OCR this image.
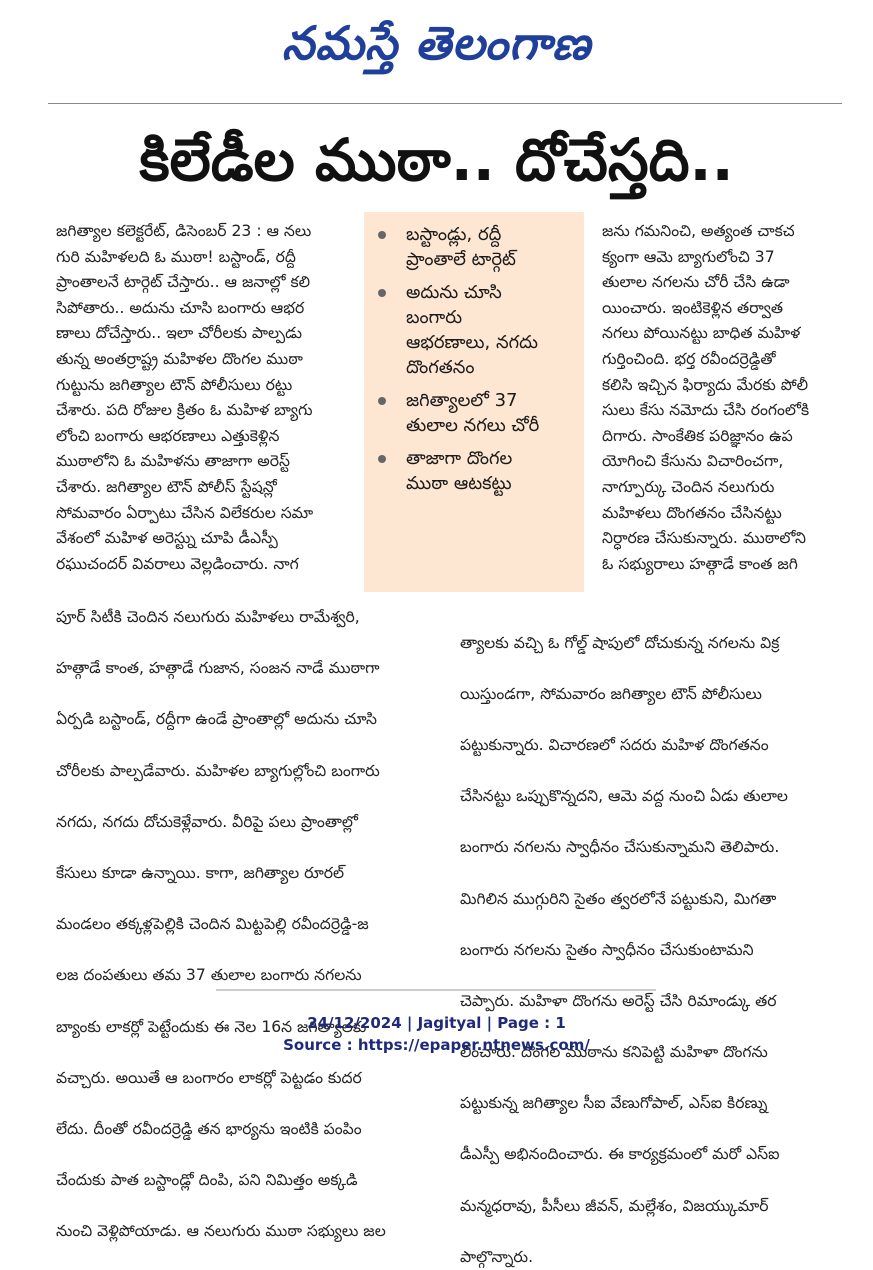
నమస్తే తెలంగాణ
కిలేడీల ముఠా.. దోచేస్తది..
జగిత్యాల కలెక్టరేట్, డిసెంబర్ 23 : ఆ నలు
గురి మహిళలది ఓ ముఠా! బస్టాండ్, రద్దీ
ప్రాంతాలనే టార్గెట్ చేస్తారు.. ఆ జనాల్లో కలి
సిపోతారు.. అదును చూసి బంగారు ఆభర
ణాలు దోచేస్తారు.. ఇలా చోరీలకు పాల్పడు
తున్న అంతర్రాష్ట్ర మహిళల దొంగల ముఠా
గుట్టును జగిత్యాల టౌన్ పోలీసులు రట్టు
చేశారు. పది రోజుల క్రితం ఓ మహిళ బ్యాగు
లోంచి బంగారు ఆభరణాలు ఎత్తుకెళ్లిన
ముఠాలోని ఓ మహిళను తాజాగా అరెస్ట్
చేశారు. జగిత్యాల టౌన్ పోలీస్ స్టేషన్లో
సోమవారం ఏర్పాటు చేసిన విలేకరుల సమా
వేశంలో మహిళ అరెస్ట్ను చూపి డీఎస్పీ
రఘుచందర్ వివరాలు వెల్లడించారు. నాగ
బస్టాండ్లు, రద్దీ
ప్రాంతాలే టార్గెట్
అదును చూసి
బంగారు
ఆభరణాలు, నగదు
దొంగతనం
జగిత్యాలలో 37
తులాల నగలు చోరీ
తాజాగా దొంగల
ముఠా ఆటకట్టు
జను గమనించి, అత్యంత చాకచ
క్యంగా ఆమె బ్యాగులోంచి 37
తులాల నగలను చోరీ చేసి ఉడా
యించారు. ఇంటికెళ్లిన తర్వాత
నగలు పోయినట్టు బాధిత మహిళ
గుర్తించింది. భర్త రవీందర్రెడ్డితో
కలిసి ఇచ్చిన ఫిర్యాదు మేరకు పోలీ
సులు కేసు నమోదు చేసి రంగంలోకి
దిగారు. సాంకేతిక పరిజ్ఞానం ఉప
యోగించి కేసును విచారించగా,
నాగ్పూర్కు చెందిన నలుగురు
మహిళలు దొంగతనం చేసినట్టు
నిర్ధారణ చేసుకున్నారు. ముఠాలోని
ఓ సభ్యురాలు హత్గాడే కాంత జగి
పూర్ సిటీకి చెందిన నలుగురు మహిళలు రామేశ్వరి,
త్యాలకు వచ్చి ఓ గోల్డ్ షాపులో దోచుకున్న నగలను విక్ర
హత్గాడే కాంత, హత్గాడే గుజాన, సంజన నాడే ముఠాగా
యిస్తుండగా, సోమవారం జగిత్యాల టౌన్ పోలీసులు
ఏర్పడి బస్టాండ్, రద్దీగా ఉండే ప్రాంతాల్లో అదును చూసి
పట్టుకున్నారు. విచారణలో సదరు మహిళ దొంగతనం
చోరీలకు పాల్పడేవారు. మహిళల బ్యాగుల్లోంచి బంగారు
చేసినట్టు ఒప్పుకొన్నదని, ఆమె వద్ద నుంచి ఏడు తులాల
నగదు, నగదు దోచుకెళ్లేవారు. వీరిపై పలు ప్రాంతాల్లో
బంగారు నగలను స్వాధీనం చేసుకున్నామని తెలిపారు.
కేసులు కూడా ఉన్నాయి. కాగా, జగిత్యాల రూరల్
మిగిలిన ముగ్గురిని సైతం త్వరలోనే పట్టుకుని, మిగతా
మండలం తక్కళ్లపెల్లికి చెందిన మిట్టపెల్లి రవీందర్రెడ్డి-జ
బంగారు నగలను సైతం స్వాధీనం చేసుకుంటామని
లజ దంపతులు తమ 37 తులాల బంగారు నగలను
చెప్పారు. మహిళా దొంగను అరెస్ట్ చేసి రిమాండ్కు తర
బ్యాంకు లాకర్లో పెట్టేందుకు ఈ నెల 16న జగిత్యాలకు
లించారు. దొంగల ముఠాను కనిపెట్టి మహిళా దొంగను
వచ్చారు. అయితే ఆ బంగారం లాకర్లో పెట్టడం కుదర
పట్టుకున్న జగిత్యాల సీఐ వేణుగోపాల్, ఎస్ఐ కిరణ్ను
లేదు. దీంతో రవీందర్రెడ్డి తన భార్యను ఇంటికి పంపిం
డీఎస్పీ అభినందించారు. ఈ కార్యక్రమంలో మరో ఎస్ఐ
చేందుకు పాత బస్టాండ్లో దింపి, పని నిమిత్తం అక్కడి
మన్మధరావు, పీసీలు జీవన్, మల్లేశం, విజయ్కుమార్
నుంచి వెళ్లిపోయాడు. ఆ నలుగురు ముఠా సభ్యులు జల
పాల్గొన్నారు.
24/12/2024 | Jagityal | Page : 1
Source : https://epaper.ntnews.com/
